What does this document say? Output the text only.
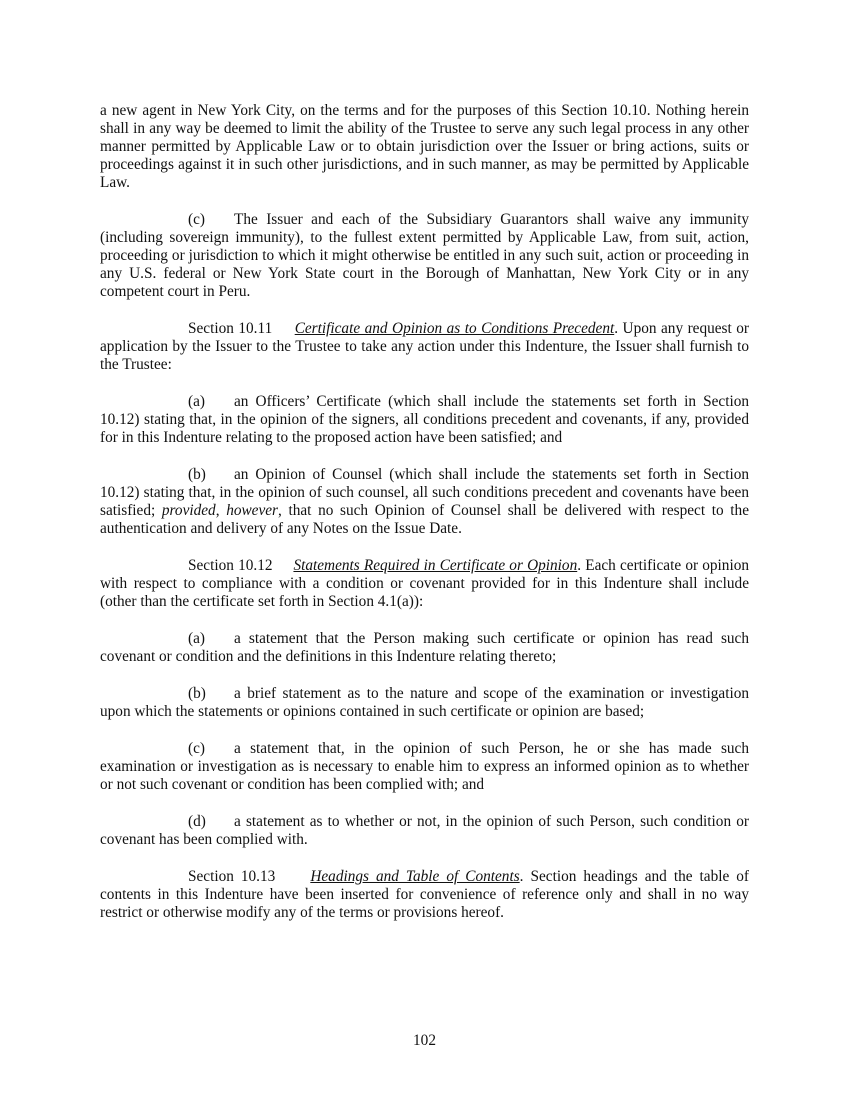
a new agent in New York City, on the terms and for the purposes of this Section 10.10. Nothing herein shall in any way be deemed to limit the ability of the Trustee to serve any such legal process in any other manner permitted by Applicable Law or to obtain jurisdiction over the Issuer or bring actions, suits or proceedings against it in such other jurisdictions, and in such manner, as may be permitted by Applicable Law.

(c) The Issuer and each of the Subsidiary Guarantors shall waive any immunity (including sovereign immunity), to the fullest extent permitted by Applicable Law, from suit, action, proceeding or jurisdiction to which it might otherwise be entitled in any such suit, action or proceeding in any U.S. federal or New York State court in the Borough of Manhattan, New York City or in any competent court in Peru.

Section 10.11 Certificate and Opinion as to Conditions Precedent. Upon any request or application by the Issuer to the Trustee to take any action under this Indenture, the Issuer shall furnish to the Trustee:

(a) an Officers’ Certificate (which shall include the statements set forth in Section 10.12) stating that, in the opinion of the signers, all conditions precedent and covenants, if any, provided for in this Indenture relating to the proposed action have been satisfied; and

(b) an Opinion of Counsel (which shall include the statements set forth in Section 10.12) stating that, in the opinion of such counsel, all such conditions precedent and covenants have been satisfied; provided, however, that no such Opinion of Counsel shall be delivered with respect to the authentication and delivery of any Notes on the Issue Date.

Section 10.12 Statements Required in Certificate or Opinion. Each certificate or opinion with respect to compliance with a condition or covenant provided for in this Indenture shall include (other than the certificate set forth in Section 4.1(a)):

(a) a statement that the Person making such certificate or opinion has read such covenant or condition and the definitions in this Indenture relating thereto;

(b) a brief statement as to the nature and scope of the examination or investigation upon which the statements or opinions contained in such certificate or opinion are based;

(c) a statement that, in the opinion of such Person, he or she has made such examination or investigation as is necessary to enable him to express an informed opinion as to whether or not such covenant or condition has been complied with; and

(d) a statement as to whether or not, in the opinion of such Person, such condition or covenant has been complied with.

Section 10.13 Headings and Table of Contents. Section headings and the table of contents in this Indenture have been inserted for convenience of reference only and shall in no way restrict or otherwise modify any of the terms or provisions hereof.

102
